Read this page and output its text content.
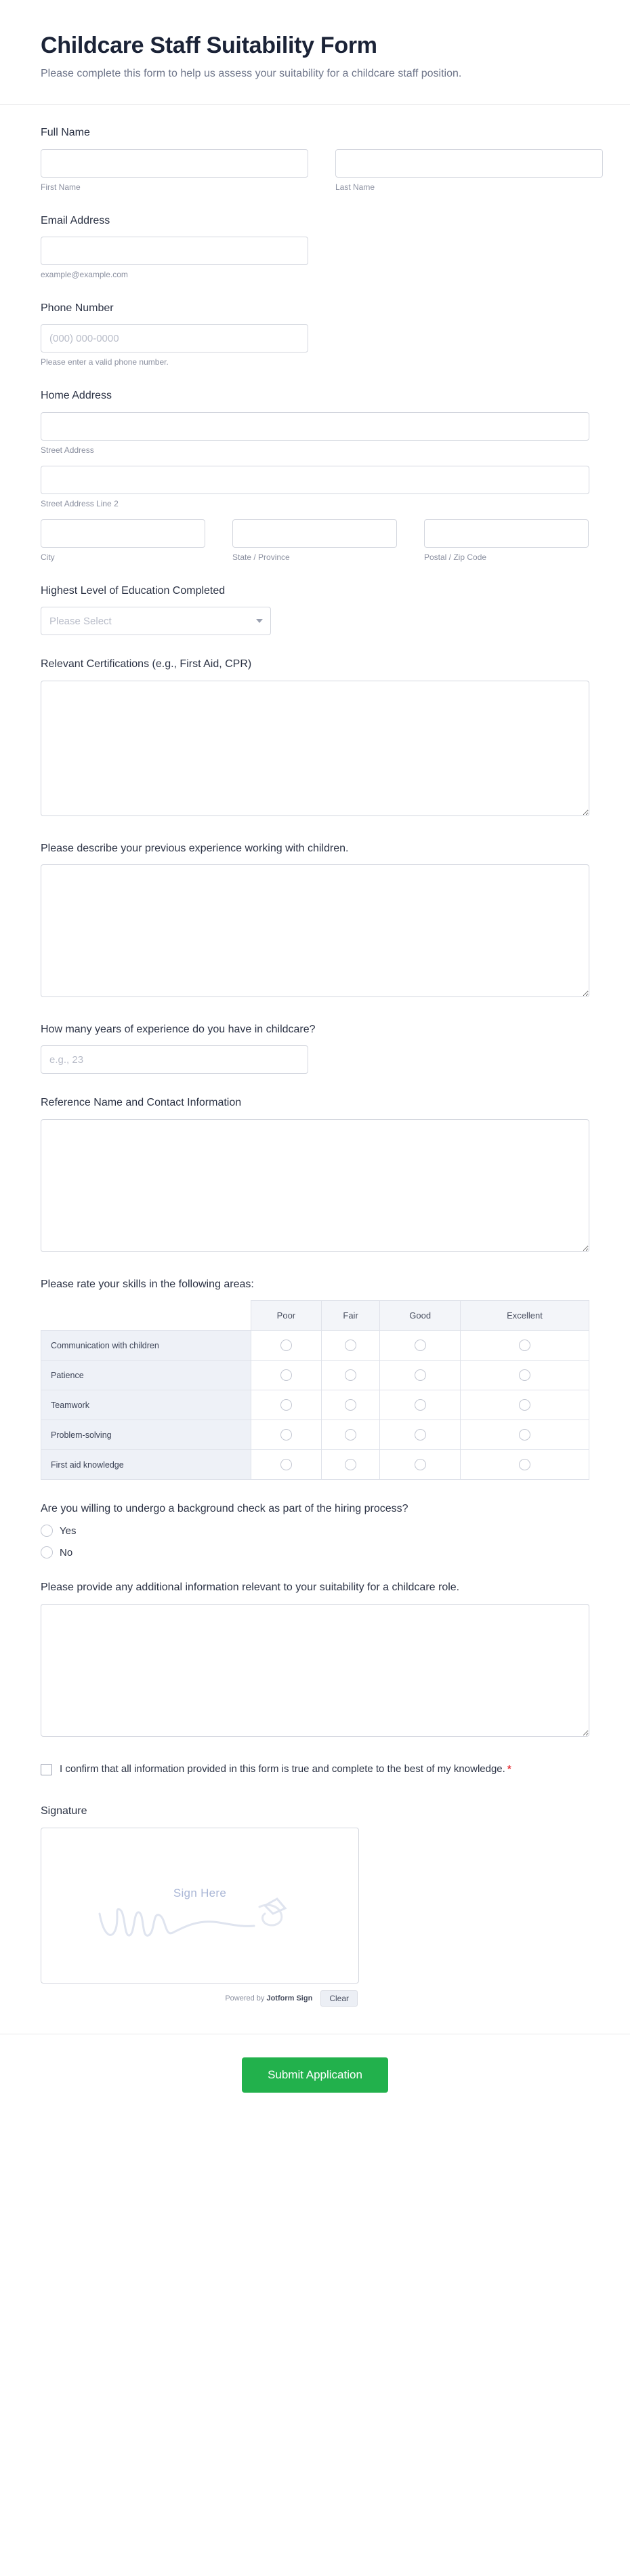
Childcare Staff Suitability Form

Please complete this form to help us assess your suitability for a childcare staff position.

Full Name
First Name	Last Name
Email Address
example@example.com
Phone Number
(000) 000-0000
Please enter a valid phone number.
Home Address
Street Address
Street Address Line 2
City	State / Province	Postal / Zip Code
Highest Level of Education Completed
Please Select
Relevant Certifications (e.g., First Aid, CPR)
Please describe your previous experience working with children.
How many years of experience do you have in childcare?
e.g., 23
Reference Name and Contact Information
Please rate your skills in the following areas:
	Poor	Fair	Good	Excellent
Communication with children				
Patience				
Teamwork				
Problem-solving				
First aid knowledge				
Are you willing to undergo a background check as part of the hiring process?
Yes
No
Please provide any additional information relevant to your suitability for a childcare role.
I confirm that all information provided in this form is true and complete to the best of my knowledge. *
Signature
Sign Here
Powered by Jotform Sign	Clear
Submit Application
